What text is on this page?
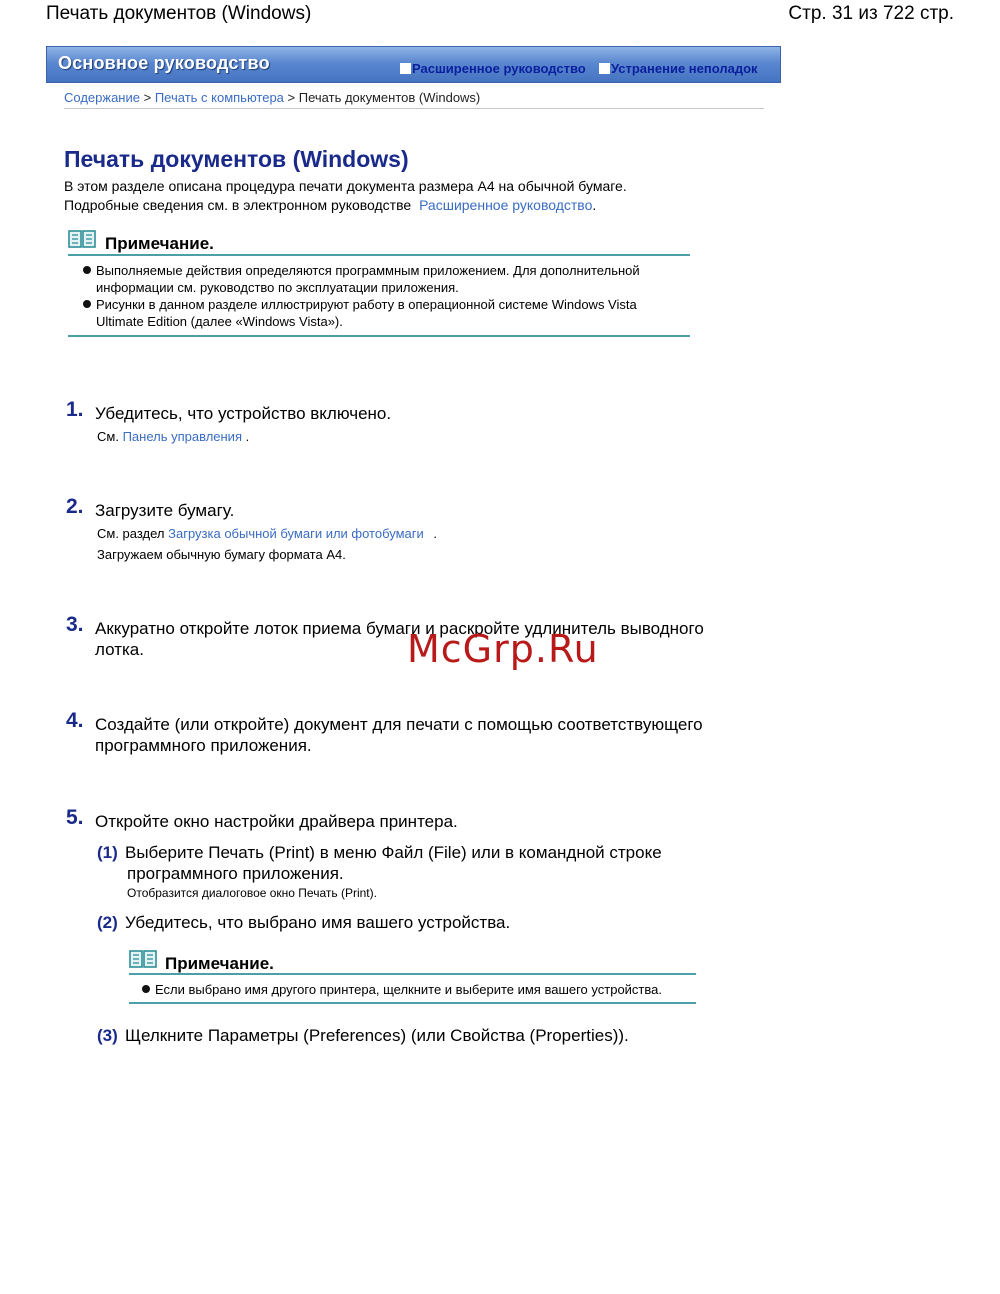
Печать документов (Windows)	Стр. 31 из 722 стр.
Основное руководство	Расширенное руководство Устранение неполадок
Содержание > Печать с компьютера > Печать документов (Windows)
Печать документов (Windows)
В этом разделе описана процедура печати документа размера A4 на обычной бумаге.
Подробные сведения см. в электронном руководстве Расширенное руководство.
Примечание.
Выполняемые действия определяются программным приложением. Для дополнительной
информации см. руководство по эксплуатации приложения.
Рисунки в данном разделе иллюстрируют работу в операционной системе Windows Vista
Ultimate Edition (далее «Windows Vista»).
1. Убедитесь, что устройство включено.
См. Панель управления .
2. Загрузите бумагу.
См. раздел Загрузка обычной бумаги или фотобумаги .
Загружаем обычную бумагу формата A4.
3. Аккуратно откройте лоток приема бумаги и раскройте удлинитель выводного
лотка.
4. Создайте (или откройте) документ для печати с помощью соответствующего
программного приложения.
5. Откройте окно настройки драйвера принтера.
(1) Выберите Печать (Print) в меню Файл (File) или в командной строке
программного приложения.
Отобразится диалоговое окно Печать (Print).
(2) Убедитесь, что выбрано имя вашего устройства.
Примечание.
Если выбрано имя другого принтера, щелкните и выберите имя вашего устройства.
(3) Щелкните Параметры (Preferences) (или Свойства (Properties)).
McGrp.Ru
